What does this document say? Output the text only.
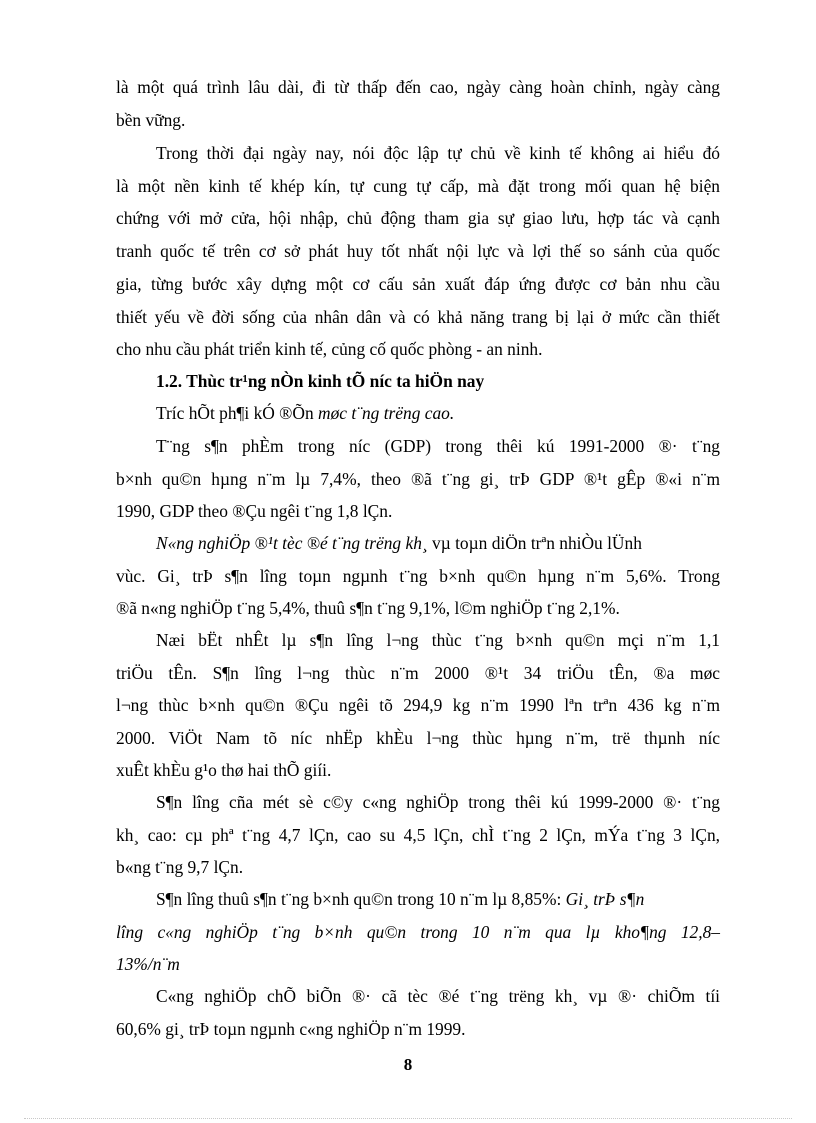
là một quá trình lâu dài, đi từ thấp đến cao, ngày càng hoàn chỉnh, ngày càng
bền vững.
Trong thời đại ngày nay, nói độc lập tự chủ về kinh tế không ai hiểu đó
là một nền kinh tế khép kín, tự cung tự cấp, mà đặt trong mối quan hệ biện
chứng với mở cửa, hội nhập, chủ động tham gia sự giao lưu, hợp tác và cạnh
tranh quốc tế trên cơ sở phát huy tốt nhất nội lực và lợi thế so sánh của quốc
gia, từng bước xây dựng một cơ cấu sản xuất đáp ứng được cơ bản nhu cầu
thiết yếu về đời sống của nhân dân và có khả năng trang bị lại ở mức cần thiết
cho nhu cầu phát triển kinh tế, củng cố quốc phòng - an ninh.
1.2. Thùc tr¹ng nÒn kinh tÕ níc ta hiÖn nay
Tríc hÕt ph¶i kÓ ®Õn møc t¨ng trëng cao.
T¨ng s¶n phÈm trong níc (GDP) trong thêi kú 1991-2000 ®· t¨ng
b×nh qu©n hµng n¨m lµ 7,4%, theo ®ã t¨ng gi¸ trÞ GDP ®¹t gÊp ®«i n¨m
1990, GDP theo ®Çu ngêi t¨ng 1,8 lÇn.
N«ng nghiÖp ®¹t tèc ®é t¨ng trëng kh¸ vµ toµn diÖn trªn nhiÒu lÜnh
vùc. Gi¸ trÞ s¶n lîng toµn ngµnh t¨ng b×nh qu©n hµng n¨m 5,6%. Trong
®ã n«ng nghiÖp t¨ng 5,4%, thuû s¶n t¨ng 9,1%, l©m nghiÖp t¨ng 2,1%.
Næi bËt nhÊt lµ s¶n lîng l¬ng thùc t¨ng b×nh qu©n mçi n¨m 1,1
triÖu tÊn. S¶n lîng l¬ng thùc n¨m 2000 ®¹t 34 triÖu tÊn, ®a møc
l¬ng thùc b×nh qu©n ®Çu ngêi tõ 294,9 kg n¨m 1990 lªn trªn 436 kg n¨m
2000. ViÖt Nam tõ níc nhËp khÈu l¬ng thùc hµng n¨m, trë thµnh níc
xuÊt khÈu g¹o thø hai thÕ giíi.
S¶n lîng cña mét sè c©y c«ng nghiÖp trong thêi kú 1999-2000 ®· t¨ng
kh¸ cao: cµ phª t¨ng 4,7 lÇn, cao su 4,5 lÇn, chÌ t¨ng 2 lÇn, mÝa t¨ng 3 lÇn,
b«ng t¨ng 9,7 lÇn.
S¶n lîng thuû s¶n t¨ng b×nh qu©n trong 10 n¨m lµ 8,85%: Gi¸ trÞ s¶n
lîng c«ng nghiÖp t¨ng b×nh qu©n trong 10 n¨m qua lµ kho¶ng 12,8–
13%/n¨m
C«ng nghiÖp chÕ biÕn ®· cã tèc ®é t¨ng trëng kh¸ vµ ®· chiÕm tíi
60,6% gi¸ trÞ toµn ngµnh c«ng nghiÖp n¨m 1999.
8
